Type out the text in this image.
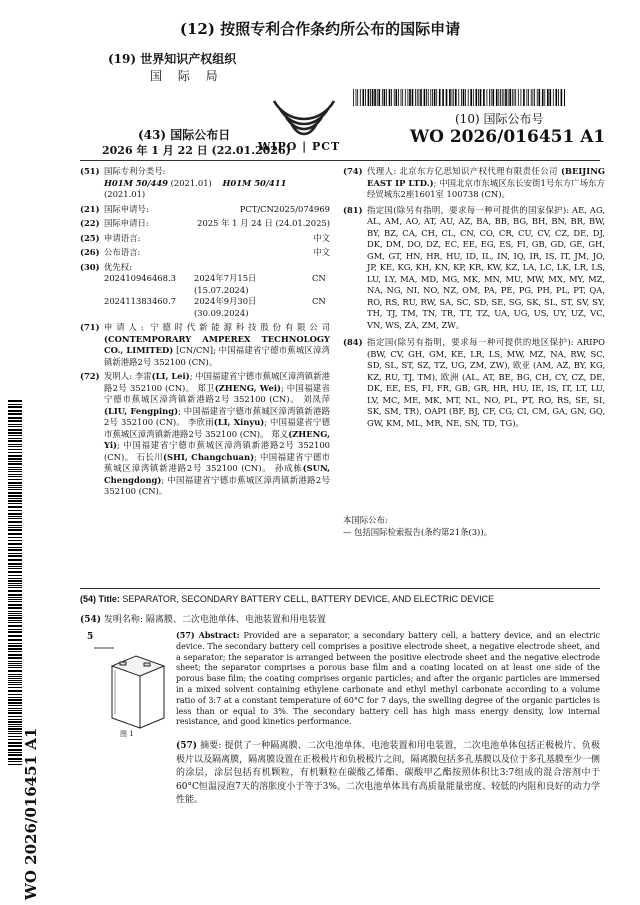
(12) 按照专利合作条约所公布的国际申请
(19) 世界知识产权组织
国 际 局
WIPO | PCT
(43) 国际公布日
2026 年 1 月 22 日 (22.01.2026)
(10) 国际公布号
WO 2026/016451 A1
(51) 国际专利分类号:
H01M 50/449 (2021.01) H01M 50/411 (2021.01)
(21) 国际申请号:	PCT/CN2025/074969
(22) 国际申请日:	2025 年 1 月 24 日 (24.01.2025)
(25) 申请语言:	中文
(26) 公布语言:	中文
(30) 优先权:
202410946468.3	2024年7月15日 (15.07.2024)
CN
202411383460.7	2024年9月30日 (30.09.2024)
CN
(71) 申请人: 宁德时代新能源科技股份有限公司 (CONTEMPORARY AMPEREX TECHNOLOGY CO., LIMITED) [CN/CN]; 中国福建省宁德市蕉城区漳湾镇新港路2号 352100 (CN)。
(72) 发明人: 李雷(LI, Lei); 中国福建省宁德市蕉城区漳湾镇新港路2号 352100 (CN)。 郑卫(ZHENG, Wei); 中国福建省宁德市蕉城区漳湾镇新港路2号 352100 (CN)。 刘凤萍(LIU, Fengping); 中国福建省宁德市蕉城区漳湾镇新港路2号 352100 (CN)。 李欣雨(LI, Xinyu); 中国福建省宁德市蕉城区漳湾镇新港路2号 352100 (CN)。 郑义(ZHENG, Yi); 中国福建省宁德市蕉城区漳湾镇新港路2号 352100 (CN)。 石长川(SHI, Changchuan); 中国福建省宁德市蕉城区漳湾镇新港路2号 352100 (CN)。 孙成栋(SUN, Chengdong); 中国福建省宁德市蕉城区漳湾镇新港路2号 352100 (CN)。
(74) 代理人: 北京东方亿思知识产权代理有限责任公司 (BEIJING EAST IP LTD.); 中国北京市东城区东长安街1号东方广场东方经贸城东2座1601室 100738 (CN)。
(81) 指定国(除另有指明，要求每一种可提供的国家保护): AE, AG, AL, AM, AO, AT, AU, AZ, BA, BB, BG, BH, BN, BR, BW, BY, BZ, CA, CH, CL, CN, CO, CR, CU, CV, CZ, DE, DJ, DK, DM, DO, DZ, EC, EE, EG, ES, FI, GB, GD, GE, GH, GM, GT, HN, HR, HU, ID, IL, IN, IQ, IR, IS, IT, JM, JO, JP, KE, KG, KH, KN, KP, KR, KW, KZ, LA, LC, LK, LR, LS, LU, LY, MA, MD, MG, MK, MN, MU, MW, MX, MY, MZ, NA, NG, NI, NO, NZ, OM, PA, PE, PG, PH, PL, PT, QA, RO, RS, RU, RW, SA, SC, SD, SE, SG, SK, SL, ST, SV, SY, TH, TJ, TM, TN, TR, TT, TZ, UA, UG, US, UY, UZ, VC, VN, WS, ZA, ZM, ZW。
(84) 指定国(除另有指明，要求每一种可提供的地区保护): ARIPO (BW, CV, GH, GM, KE, LR, LS, MW, MZ, NA, RW, SC, SD, SL, ST, SZ, TZ, UG, ZM, ZW), 欧亚 (AM, AZ, BY, KG, KZ, RU, TJ, TM), 欧洲 (AL, AT, BE, BG, CH, CY, CZ, DE, DK, EE, ES, FI, FR, GB, GR, HR, HU, IE, IS, IT, LT, LU, LV, MC, ME, MK, MT, NL, NO, PL, PT, RO, RS, SE, SI, SK, SM, TR), OAPI (BF, BJ, CF, CG, CI, CM, GA, GN, GQ, GW, KM, ML, MR, NE, SN, TD, TG)。
本国际公布:
— 包括国际检索报告(条约第21条(3))。
WO 2026/016451 A1
(54) Title: SEPARATOR, SECONDARY BATTERY CELL, BATTERY DEVICE, AND ELECTRIC DEVICE
(54) 发明名称: 隔离膜、二次电池单体、电池装置和用电装置
5
图 1
(57) Abstract: Provided are a separator, a secondary battery cell, a battery device, and an electric device. The secondary battery cell comprises a positive electrode sheet, a negative electrode sheet, and a separator; the separator is arranged between the positive electrode sheet and the negative electrode sheet; the separator comprises a porous base film and a coating located on at least one side of the porous base film; the coating comprises organic particles; and after the organic particles are immersed in a mixed solvent containing ethylene carbonate and ethyl methyl carbonate according to a volume ratio of 3:7 at a constant temperature of 60°C for 7 days, the swelling degree of the organic particles is less than or equal to 3%. The secondary battery cell has high mass energy density, low internal resistance, and good kinetics performance.
(57) 摘要: 提供了一种隔离膜、二次电池单体、电池装置和用电装置，二次电池单体包括正极极片、负极极片以及隔离膜，隔离膜设置在正极极片和负极极片之间，隔离膜包括多孔基膜以及位于多孔基膜至少一侧的涂层，涂层包括有机颗粒，有机颗粒在碳酸乙烯酯、碳酸甲乙酯按照体积比3:7组成的混合溶剂中于60°C恒温浸泡7天的溶胀度小于等于3%。二次电池单体具有高质量能量密度、较低的内阻和良好的动力学性能。
